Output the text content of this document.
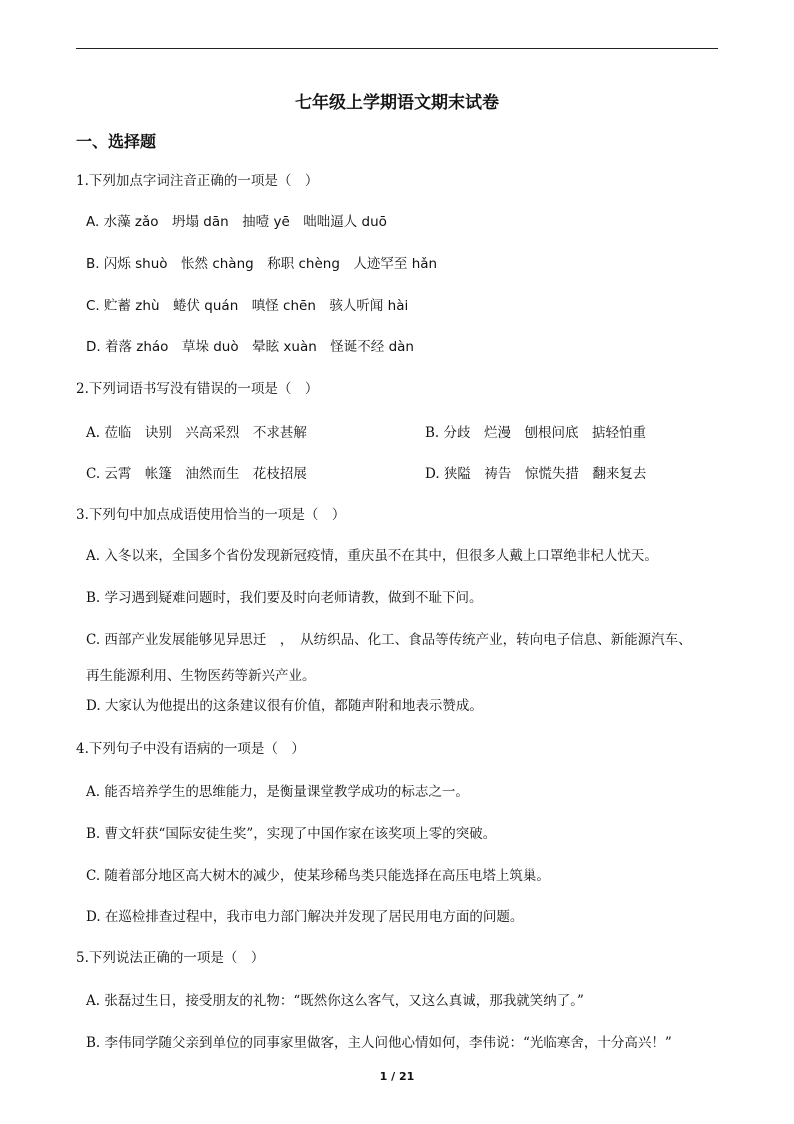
七年级上学期语文期末试卷
一、选择题
1.下列加点字词注音正确的一项是（　）
A. 水藻 zǎo　坍塌 dān　抽噎 yē　咄咄逼人 duō
B. 闪烁 shuò　怅然 chàng　称职 chèng　人迹罕至 hǎn
C. 贮蓄 zhù　蜷伏 quán　嗔怪 chēn　骇人听闻 hài
D. 着落 zháo　草垛 duò　晕眩 xuàn　怪诞不经 dàn
2.下列词语书写没有错误的一项是（　）
A. 莅临　诀别　兴高采烈　不求甚解	B. 分歧　烂漫　刨根问底　掂轻怕重
C. 云霄　帐篷　油然而生　花枝招展	D. 狭隘　祷告　惊慌失措　翻来复去
3.下列句中加点成语使用恰当的一项是（　）
A. 入冬以来，全国多个省份发现新冠疫情，重庆虽不在其中，但很多人戴上口罩绝非杞人忧天。
B. 学习遇到疑难问题时，我们要及时向老师请教，做到不耻下问。
C. 西部产业发展能够见异思迁　，　从纺织品、化工、食品等传统产业，转向电子信息、新能源汽车、
再生能源利用、生物医药等新兴产业。
D. 大家认为他提出的这条建议很有价值，都随声附和地表示赞成。
4.下列句子中没有语病的一项是（　）
A. 能否培养学生的思维能力，是衡量课堂教学成功的标志之一。
B. 曹文轩获“国际安徒生奖”，实现了中国作家在该奖项上零的突破。
C. 随着部分地区高大树木的减少，使某珍稀鸟类只能选择在高压电塔上筑巢。
D. 在巡检排查过程中，我市电力部门解决并发现了居民用电方面的问题。
5.下列说法正确的一项是（　）
A. 张磊过生日，接受朋友的礼物：“既然你这么客气，又这么真诚，那我就笑纳了。”
B. 李伟同学随父亲到单位的同事家里做客，主人问他心情如何，李伟说：“光临寒舍，十分高兴！”
1 / 21
